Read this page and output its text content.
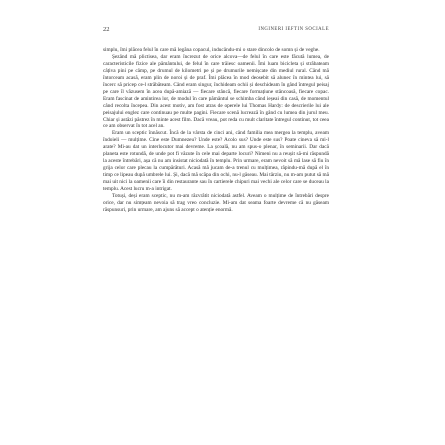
22	INGINERI IEFTIN SOCIALE

simplu, îmi plăcea felul în care mă legăna copacul, inducându-mi o stare dincolo de somn și de veghe.

Șezând mă plictisea, dar eram încrezut de orice alcova—de felul în care este făcută lumea, de caracteristicile fizice ale pământului, de felul în care trăiesc oamenii. Îmi luam bicicleta și străbateam câțiva pini pe câmp, pe drumul de kilometri pe și pe drumurile nemișcate din mediul rural. Când mă întorceam acasă, eram plin de noroi și de praf. Îmi plăcea în mod deosebit să alunec în mintea lui, să încerc să pricep ce-l străbăteam. Când eram singur, închideam ochii și deschideam în gând întregul peisaj pe care îl văzusem în acea după-amiază — fiecare stâncă, fiecare formațiune stâncoasă, fiecare copac. Eram fascinat de amintirea lor, de modul în care pământul se schimba când ieșeai din casă, de momentul când recolta începea. Din acest motiv, am fost atras de operele lui Thomas Hardy: de descrierile lui ale peisajului englez care continuau pe multe pagini. Fiecare scenă lucrează în gând cu lumea din jurul meu. Chiar și astăzi păstrez în minte acest film. Dacă vreau, pot reda cu mult claritate întregul continut, tot ceea ce am observat în tot acel an.

Eram un sceptic înnăscut. Încă de la vârsta de cinci ani, când familia mea mergea la templu, aveam îndoieli — mulțime. Cine este Dumnezeu? Unde este? Acolo sus? Unde este sus? Poate cineva să mi-l arate? Mi-au dat un interlocutor mai devreme. La școală, nu am spus-o plenar, în seminarii. Dar dacă planeta este rotundă, de unde pot fi văzute în cele mai departe locuri? Nimeni nu a reușit să-mi răspundă la aceste întrebări, așa că nu am insistat niciodată în templu. Prin urmare, eram nevoit să mă lase să fiu în grija celor care plecau la cumpărături. Acasă mă jucam de-a trenul cu mulțimea, răpindu-mă după el în timp ce lipeau după umbrele lui. Și, dacă mă scăpa din ochi, nu-l găseau. Mai târziu, nu m-am putut să mă mai uit nici la oamenii care îi din restaurante sau în cartierele chipuri mai vechi ale celor care se duceau la templu. Acest lucru m-a intrigat.

Totuși, deși eram sceptic, nu m-am răzvrătit niciodată astfel. Aveam o mulțime de întrebări despre orice, dar nu simțeam nevoia să trag vreo concluzie. Mi-am dat seama foarte devreme că nu găseam răspunsuri, prin urmare, am ajuns să accept o atenție enormă.
